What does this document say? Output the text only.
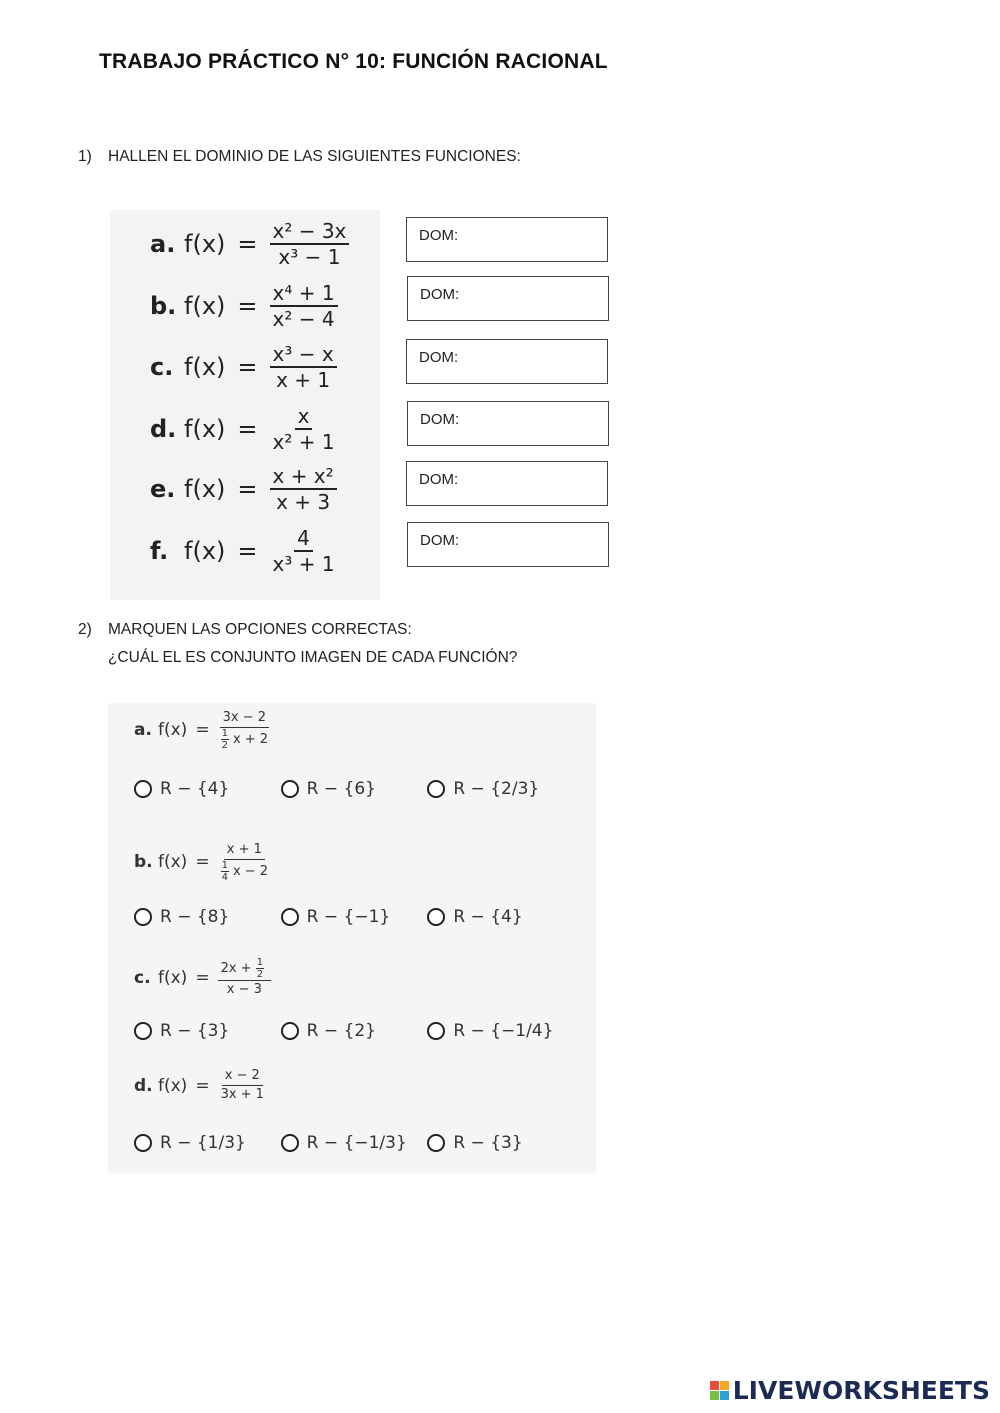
TRABAJO PRÁCTICO N° 10: FUNCIÓN RACIONAL
1) HALLEN EL DOMINIO DE LAS SIGUIENTES FUNCIONES:
a. $f(x) = \frac{\text{x² − 3x}}{\text{x³ − 1}}$
b. $f(x) = \frac{\text{x⁴ + 1}}{\text{x² − 4}}$
c. $f(x) = \frac{\text{x³ − x}}{x + 1}$
d. $f(x) = \frac{x}{\text{x² + 1}}$
e. $f(x) = \frac{\text{x + x²}}{x + 3}$
f. $f(x) = \frac{4}{\text{x³ + 1}}$
DOM:
DOM:
DOM:
DOM:
DOM:
DOM:
2) MARQUEN LAS OPCIONES CORRECTAS:
¿CUÁL EL ES CONJUNTO IMAGEN DE CADA FUNCIÓN?
a. $f(x) = \frac{3x - 2}{\frac{1}{2} x + 2}$
R − {4}	R − {6}	R − {2/3}
b. $f(x) = \frac{x + 1}{\frac{1}{4} x - 2}$
R − {8}	R − {−1}	R − {4}
c. $f(x) = \frac{2x + \frac{1}{2}}{x - 3}$
R − {3}	R − {2}	R − {−1/4}
d. $f(x) = \frac{x - 2}{3x + 1}$
R − {1/3}	R − {−1/3}	R − {3}
LIVEWORKSHEETS
